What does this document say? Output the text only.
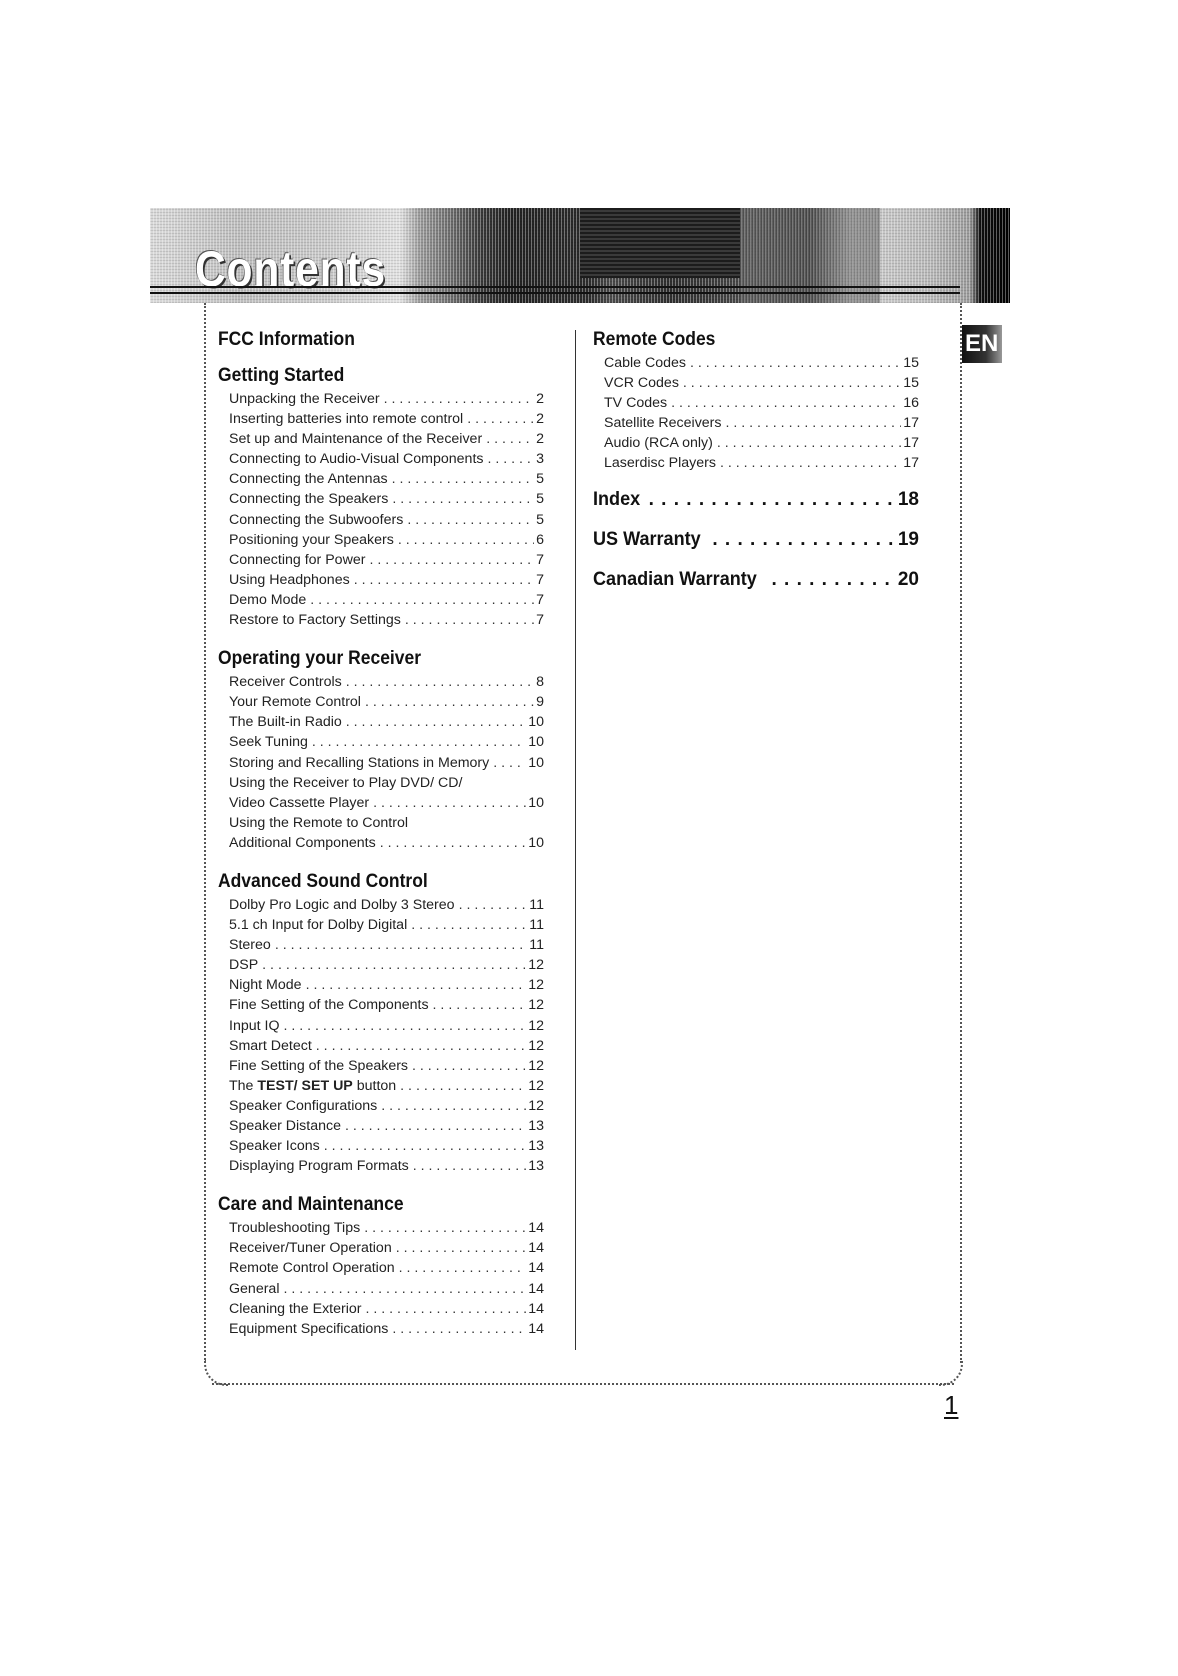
Contents
EN
FCC Information
Getting Started
Unpacking the Receiver . . .	2
Inserting batteries into remote control . . .	2
Set up and Maintenance of the Receiver . . .	2
Connecting to Audio-Visual Components . . .	3
Connecting the Antennas . . .	5
Connecting the Speakers . . .	5
Connecting the Subwoofers . . .	5
Positioning your Speakers . . .	6
Connecting for Power . . .	7
Using Headphones . . .	7
Demo Mode . . .	7
Restore to Factory Settings . . .	7
Operating your Receiver
Receiver Controls . . .	8
Your Remote Control . . .	9
The Built-in Radio . . .	10
Seek Tuning . . .	10
Storing and Recalling Stations in Memory . . .	10
Using the Receiver to Play DVD/ CD/
Video Cassette Player . . .	10
Using the Remote to Control
Additional Components . . .	10
Advanced Sound Control
Dolby Pro Logic and Dolby 3 Stereo . . .	11
5.1 ch Input for Dolby Digital . . .	11
Stereo . . .	11
DSP . . .	12
Night Mode . . .	12
Fine Setting of the Components . . .	12
Input IQ . . .	12
Smart Detect . . .	12
Fine Setting of the Speakers . . .	12
The TEST/ SET UP button . . .	12
Speaker Configurations . . .	12
Speaker Distance . . .	13
Speaker Icons . . .	13
Displaying Program Formats . . .	13
Care and Maintenance
Troubleshooting Tips . . .	14
Receiver/Tuner Operation . . .	14
Remote Control Operation . . .	14
General . . .	14
Cleaning the Exterior . . .	14
Equipment Specifications . . .	14
Remote Codes
Cable Codes . . .	15
VCR Codes . . .	15
TV Codes . . .	16
Satellite Receivers . . .	17
Audio (RCA only) . . .	17
Laserdisc Players . . .	17
Index . . .	18
US Warranty . . .	19
Canadian Warranty . . .	20
1
